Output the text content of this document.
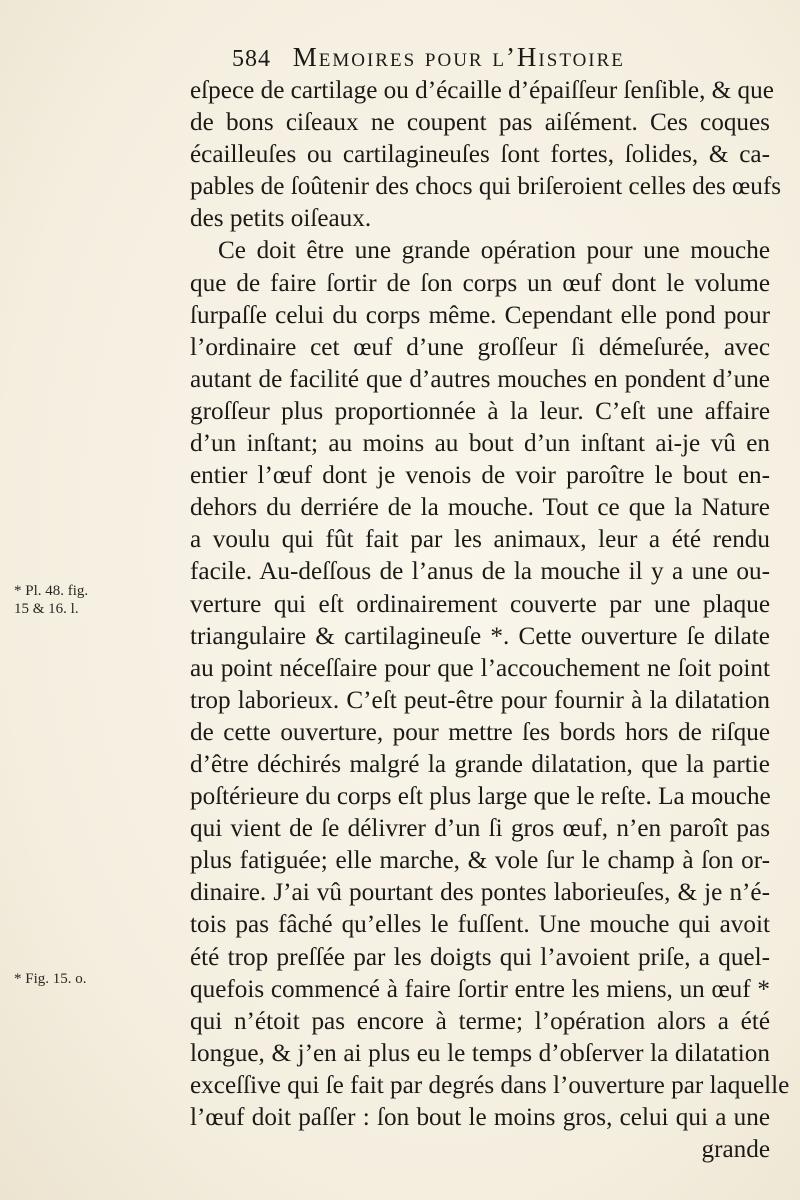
584 Memoires pour l’Histoire
* Pl. 48. fig.
15 & 16. l.
* Fig. 15. o.
eſpece de cartilage ou d’écaille d’épaiſſeur ſenſible, & que
de bons ciſeaux ne coupent pas aiſément. Ces coques
écailleuſes ou cartilagineuſes ſont fortes, ſolides, & ca-
pables de ſoûtenir des chocs qui briſeroient celles des œufs
des petits oiſeaux.
Ce doit être une grande opération pour une mouche
que de faire ſortir de ſon corps un œuf dont le volume
ſurpaſſe celui du corps même. Cependant elle pond pour
l’ordinaire cet œuf d’une groſſeur ſi démeſurée, avec
autant de facilité que d’autres mouches en pondent d’une
groſſeur plus proportionnée à la leur. C’eſt une affaire
d’un inſtant; au moins au bout d’un inſtant ai-je vû en
entier l’œuf dont je venois de voir paroître le bout en-
dehors du derriére de la mouche. Tout ce que la Nature
a voulu qui fût fait par les animaux, leur a été rendu
facile. Au-deſſous de l’anus de la mouche il y a une ou-
verture qui eſt ordinairement couverte par une plaque
triangulaire & cartilagineuſe *. Cette ouverture ſe dilate
au point néceſſaire pour que l’accouchement ne ſoit point
trop laborieux. C’eſt peut-être pour fournir à la dilatation
de cette ouverture, pour mettre ſes bords hors de riſque
d’être déchirés malgré la grande dilatation, que la partie
poſtérieure du corps eſt plus large que le reſte. La mouche
qui vient de ſe délivrer d’un ſi gros œuf, n’en paroît pas
plus fatiguée; elle marche, & vole ſur le champ à ſon or-
dinaire. J’ai vû pourtant des pontes laborieuſes, & je n’é-
tois pas fâché qu’elles le fuſſent. Une mouche qui avoit
été trop preſſée par les doigts qui l’avoient priſe, a quel-
quefois commencé à faire ſortir entre les miens, un œuf *
qui n’étoit pas encore à terme; l’opération alors a été
longue, & j’en ai plus eu le temps d’obſerver la dilatation
exceſſive qui ſe fait par degrés dans l’ouverture par laquelle
l’œuf doit paſſer : ſon bout le moins gros, celui qui a une
grande
